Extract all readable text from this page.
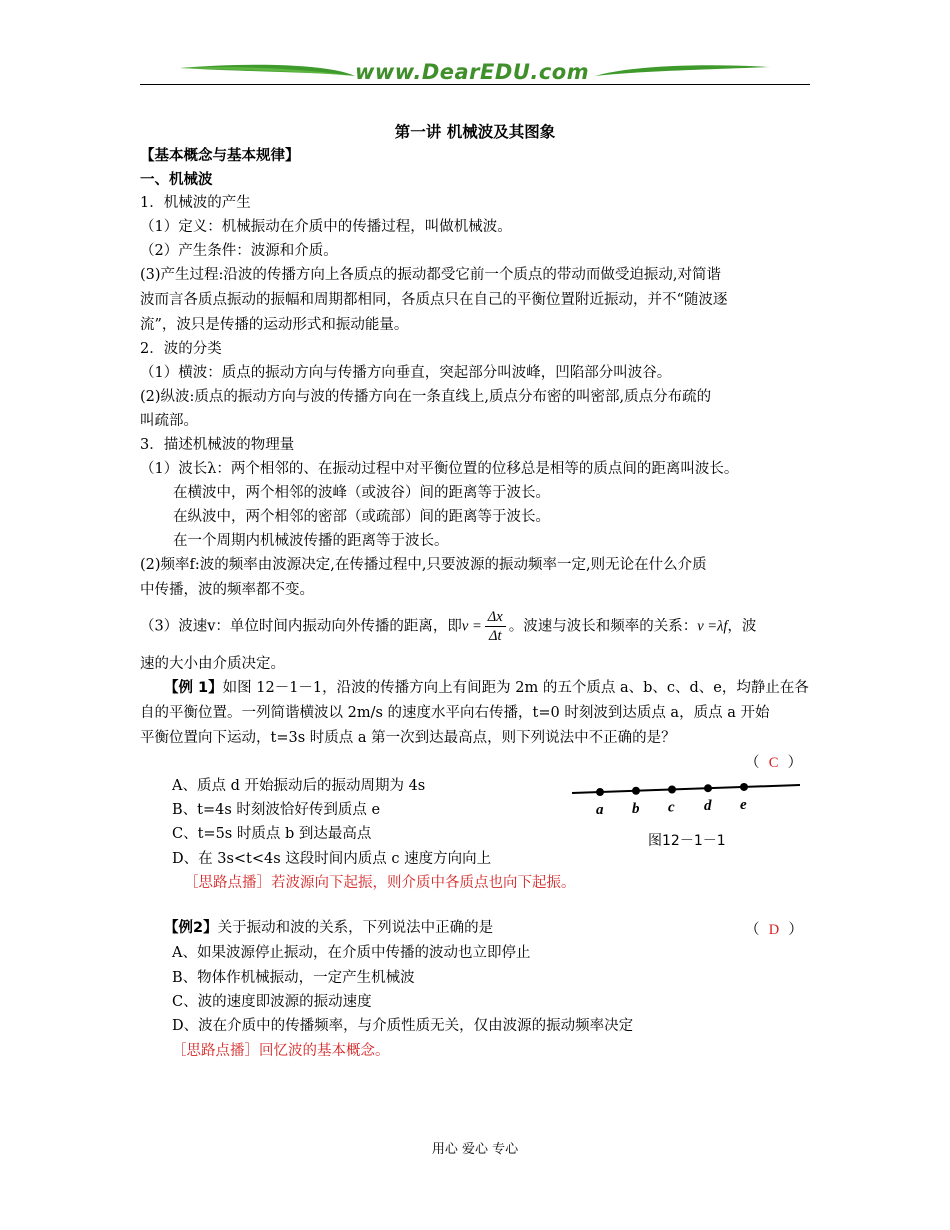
www.DearEDU.com
第一讲 机械波及其图象
【基本概念与基本规律】
一、机械波
1．机械波的产生
（1）定义：机械振动在介质中的传播过程，叫做机械波。
（2）产生条件：波源和介质。
(3)产生过程:沿波的传播方向上各质点的振动都受它前一个质点的带动而做受迫振动,对简谐
波而言各质点振动的振幅和周期都相同，各质点只在自己的平衡位置附近振动，并不“随波逐
流”，波只是传播的运动形式和振动能量。
2．波的分类
（1）横波：质点的振动方向与传播方向垂直，突起部分叫波峰，凹陷部分叫波谷。
(2)纵波:质点的振动方向与波的传播方向在一条直线上,质点分布密的叫密部,质点分布疏的
叫疏部。
3．描述机械波的物理量
（1）波长λ：两个相邻的、在振动过程中对平衡位置的位移总是相等的质点间的距离叫波长。
在横波中，两个相邻的波峰（或波谷）间的距离等于波长。
在纵波中，两个相邻的密部（或疏部）间的距离等于波长。
在一个周期内机械波传播的距离等于波长。
(2)频率f:波的频率由波源决定,在传播过程中,只要波源的振动频率一定,则无论在什么介质
中传播，波的频率都不变。
（3）波速v：单位时间内振动向外传播的距离，即$v = \frac{\Delta x}{\Delta t}$ 。波速与波长和频率的关系：v =λf，波
速的大小由介质决定。
【例 1】如图 12－1－1，沿波的传播方向上有间距为 2m 的五个质点 a、b、c、d、e，均静止在各
自的平衡位置。一列简谐横波以 2m/s 的速度水平向右传播，t=0 时刻波到达质点 a，质点 a 开始
平衡位置向下运动，t=3s 时质点 a 第一次到达最高点，则下列说法中不正确的是？
（ C ）
A、质点 d 开始振动后的振动周期为 4s
B、t=4s 时刻波恰好传到质点 e
C、t=5s 时质点 b 到达最高点
D、在 3s<t<4s 这段时间内质点 c 速度方向向上
［思路点播］若波源向下起振，则介质中各质点也向下起振。
a b c d e
图12－1－1
【例2】关于振动和波的关系，下列说法中正确的是	（ D ）
A、如果波源停止振动，在介质中传播的波动也立即停止
B、物体作机械振动，一定产生机械波
C、波的速度即波源的振动速度
D、波在介质中的传播频率，与介质性质无关，仅由波源的振动频率决定
［思路点播］回忆波的基本概念。
用心 爱心 专心
